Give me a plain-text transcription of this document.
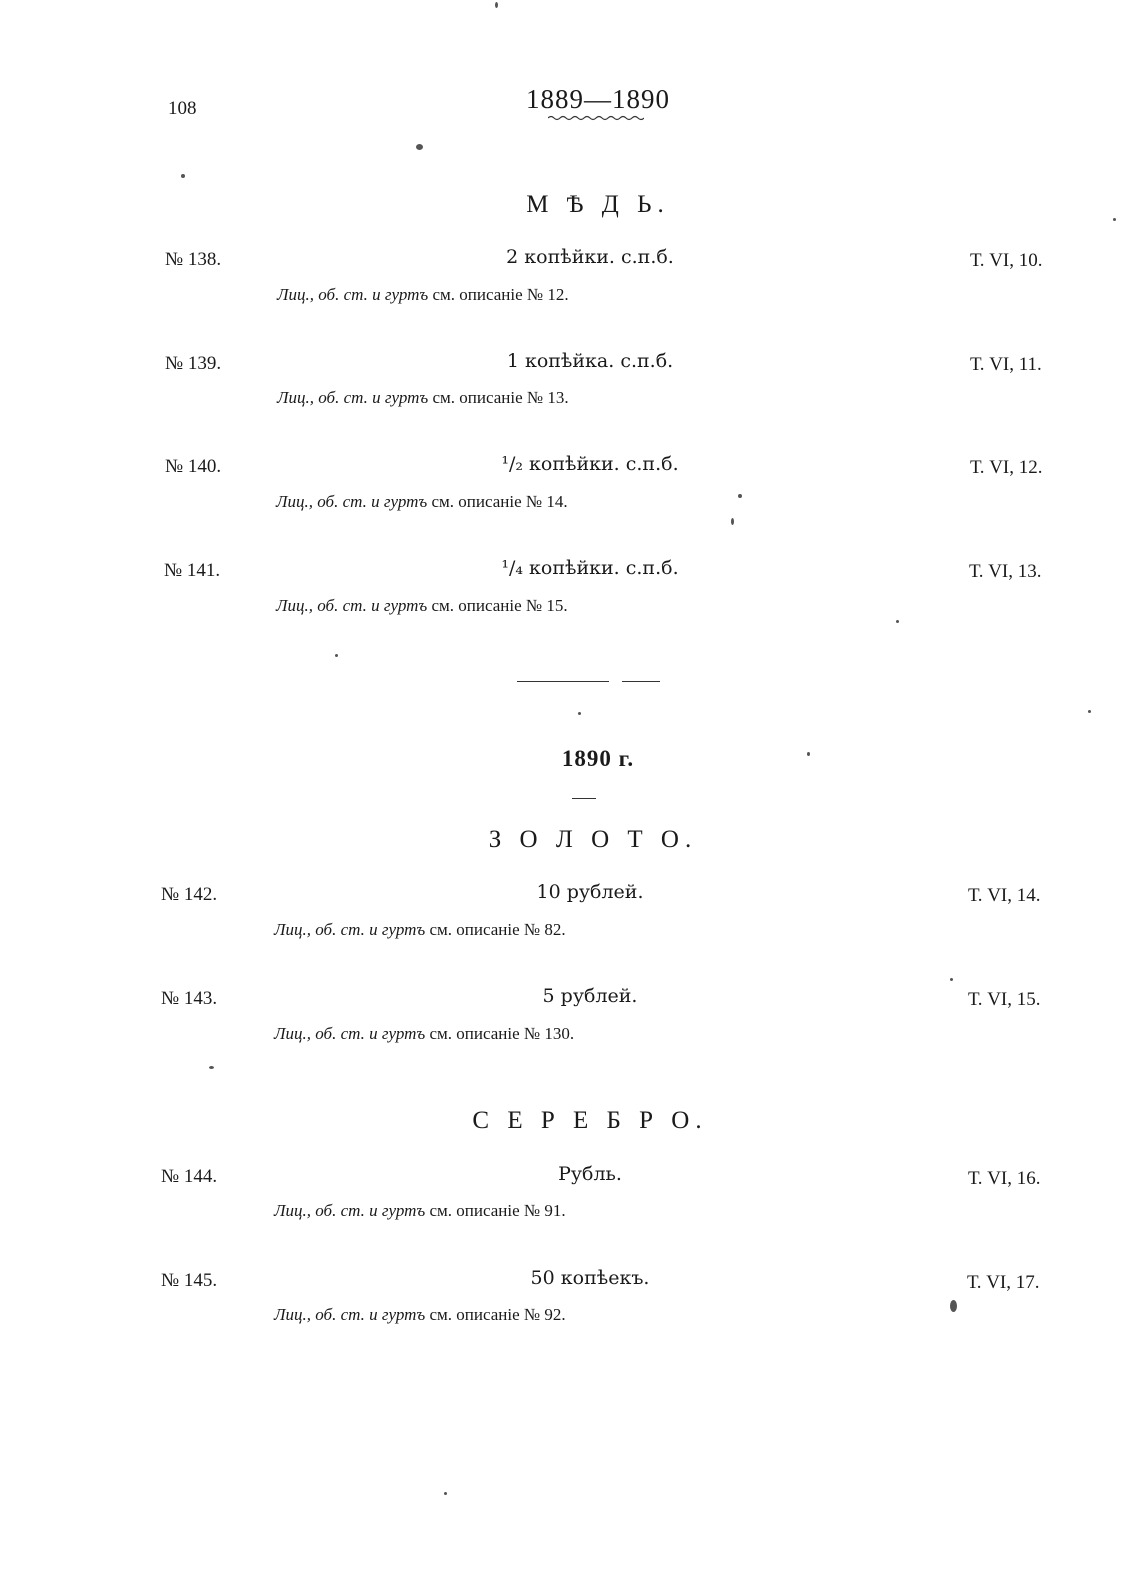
108	1889—1890
М Ѣ Д Ь.
№ 138.	2 копѣйки. с.п.б.	Т. VI, 10.
Лиц., об. ст. и гуртъ см. описаніе № 12.
№ 139.	1 копѣйка. с.п.б.	Т. VI, 11.
Лиц., об. ст. и гуртъ см. описаніе № 13.
№ 140.	¹/₂ копѣйки. с.п.б.	Т. VI, 12.
Лиц., об. ст. и гуртъ см. описаніе № 14.
№ 141.	¹/₄ копѣйки. с.п.б.	Т. VI, 13.
Лиц., об. ст. и гуртъ см. описаніе № 15.
1890 г.
З О Л О Т О.
№ 142.	10 рублей.	Т. VI, 14.
Лиц., об. ст. и гуртъ см. описаніе № 82.
№ 143.	5 рублей.	Т. VI, 15.
Лиц., об. ст. и гуртъ см. описаніе № 130.
С Е Р Е Б Р О.
№ 144.	Рубль.	Т. VI, 16.
Лиц., об. ст. и гуртъ см. описаніе № 91.
№ 145.	50 копѣекъ.	Т. VI, 17.
Лиц., об. ст. и гуртъ см. описаніе № 92.
